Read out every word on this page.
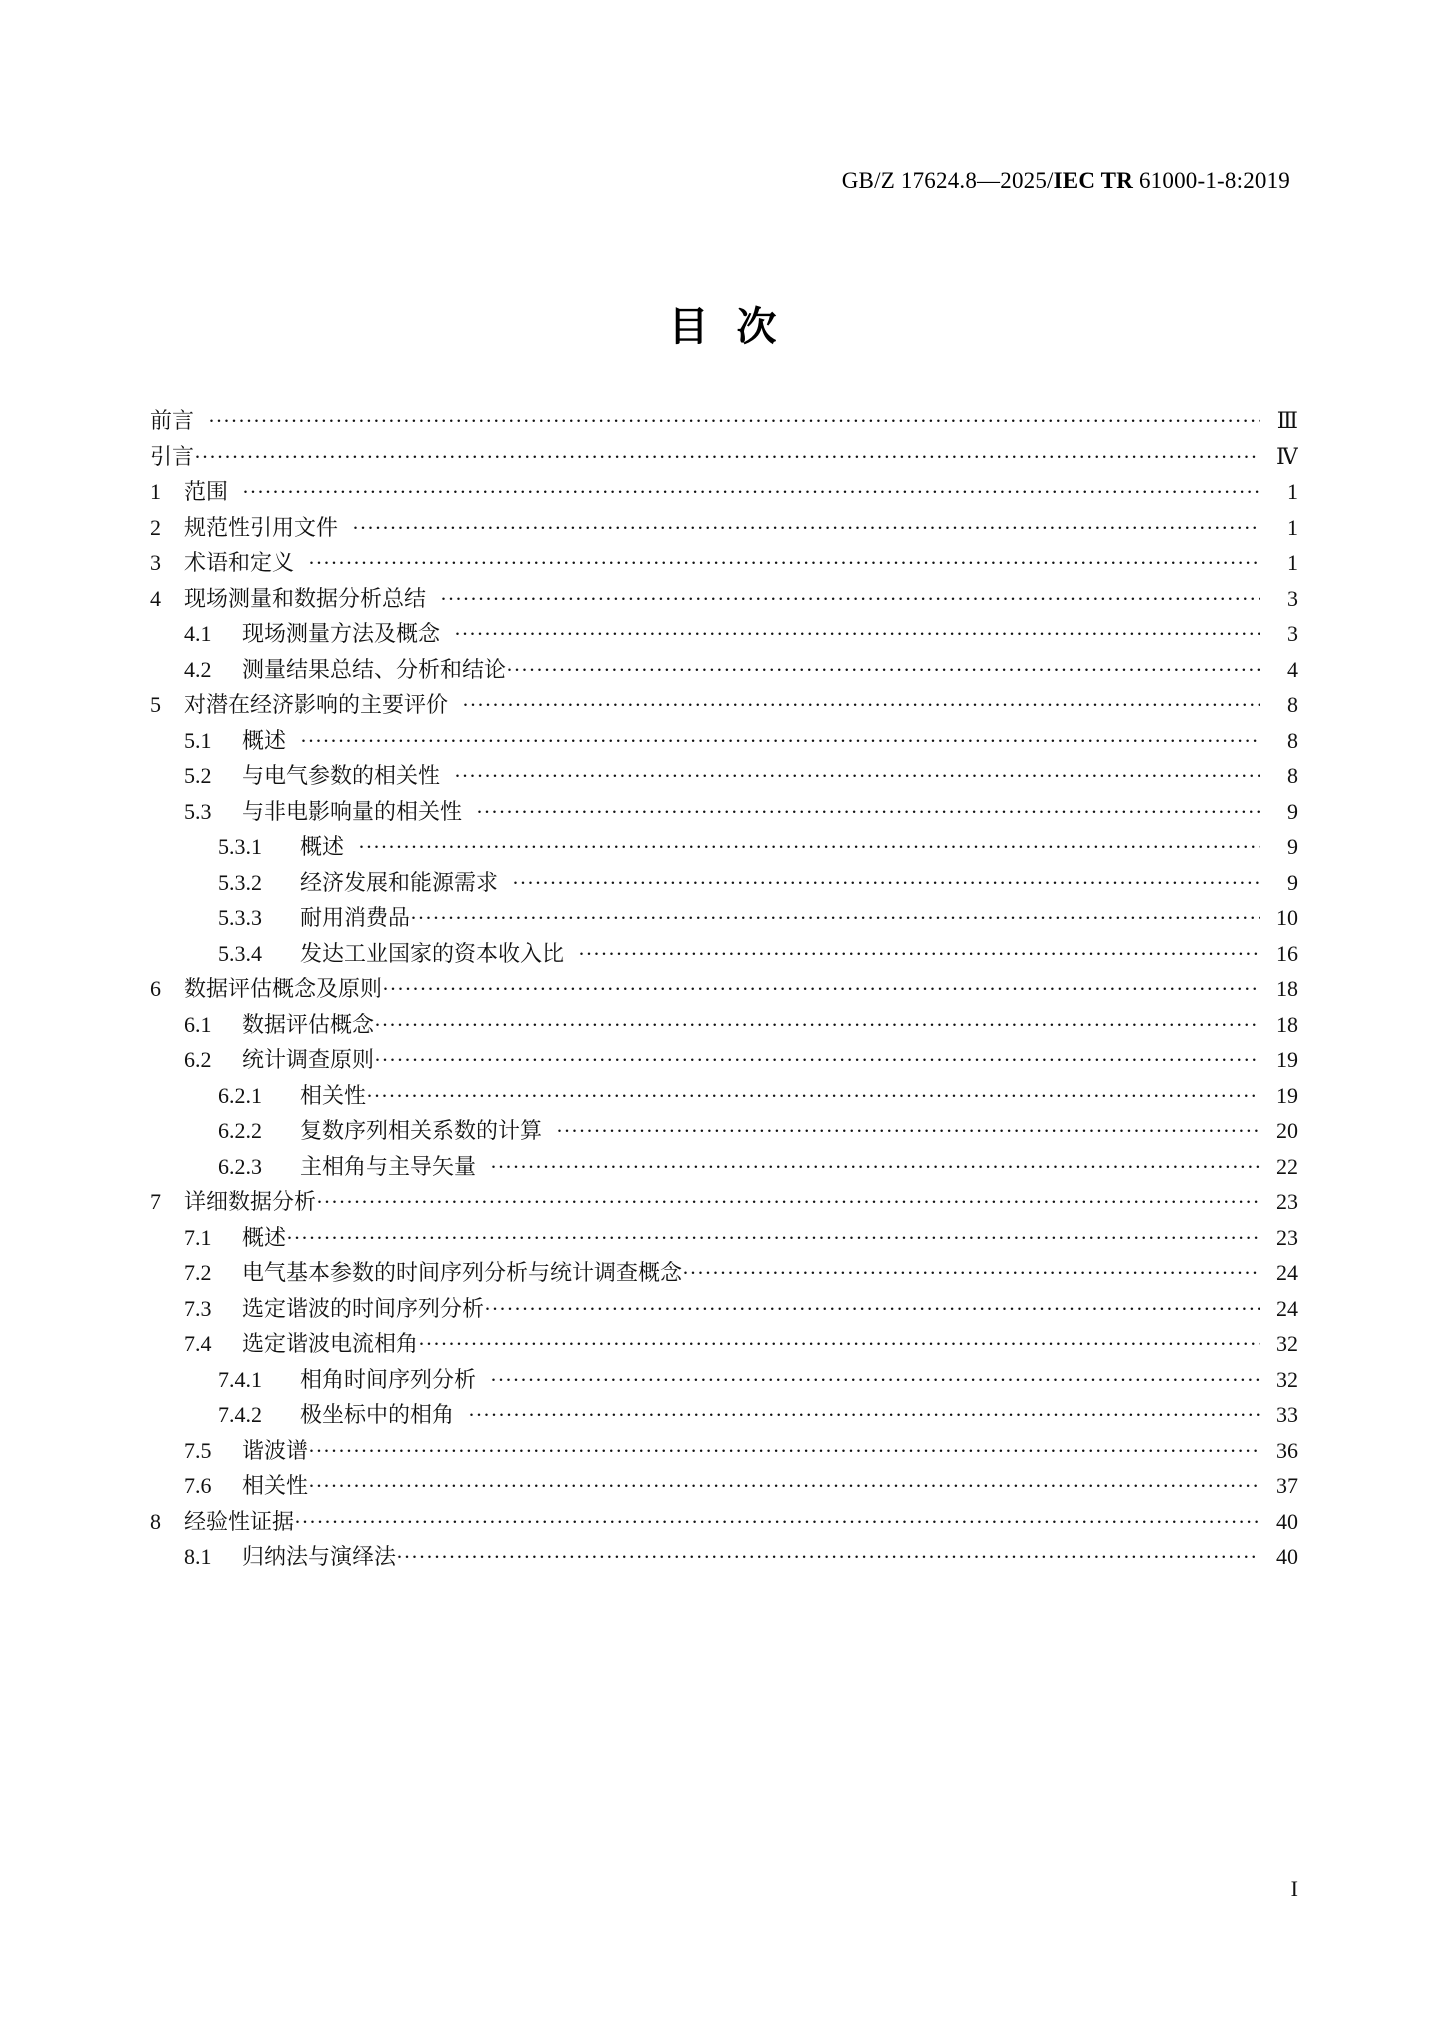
GB/Z 17624.8—2025/IEC TR 61000-1-8:2019
目次
前言 ·····	Ⅲ
引言 ·····	Ⅳ
1	范围 ·····	1
2	规范性引用文件 ·····	1
3	术语和定义 ·····	1
4	现场测量和数据分析总结 ·····	3
4.1	现场测量方法及概念 ·····	3
4.2	测量结果总结、分析和结论 ·····	4
5	对潜在经济影响的主要评价 ·····	8
5.1	概述 ·····	8
5.2	与电气参数的相关性 ·····	8
5.3	与非电影响量的相关性 ·····	9
5.3.1	概述 ·····	9
5.3.2	经济发展和能源需求 ·····	9
5.3.3	耐用消费品 ·····	10
5.3.4	发达工业国家的资本收入比 ·····	16
6	数据评估概念及原则 ·····	18
6.1	数据评估概念 ·····	18
6.2	统计调查原则 ·····	19
6.2.1	相关性 ·····	19
6.2.2	复数序列相关系数的计算 ·····	20
6.2.3	主相角与主导矢量 ·····	22
7	详细数据分析 ·····	23
7.1	概述 ·····	23
7.2	电气基本参数的时间序列分析与统计调查概念 ·····	24
7.3	选定谐波的时间序列分析 ·····	24
7.4	选定谐波电流相角 ·····	32
7.4.1	相角时间序列分析 ·····	32
7.4.2	极坐标中的相角 ·····	33
7.5	谐波谱 ·····	36
7.6	相关性 ·····	37
8	经验性证据 ·····	40
8.1	归纳法与演绎法 ·····	40
I
